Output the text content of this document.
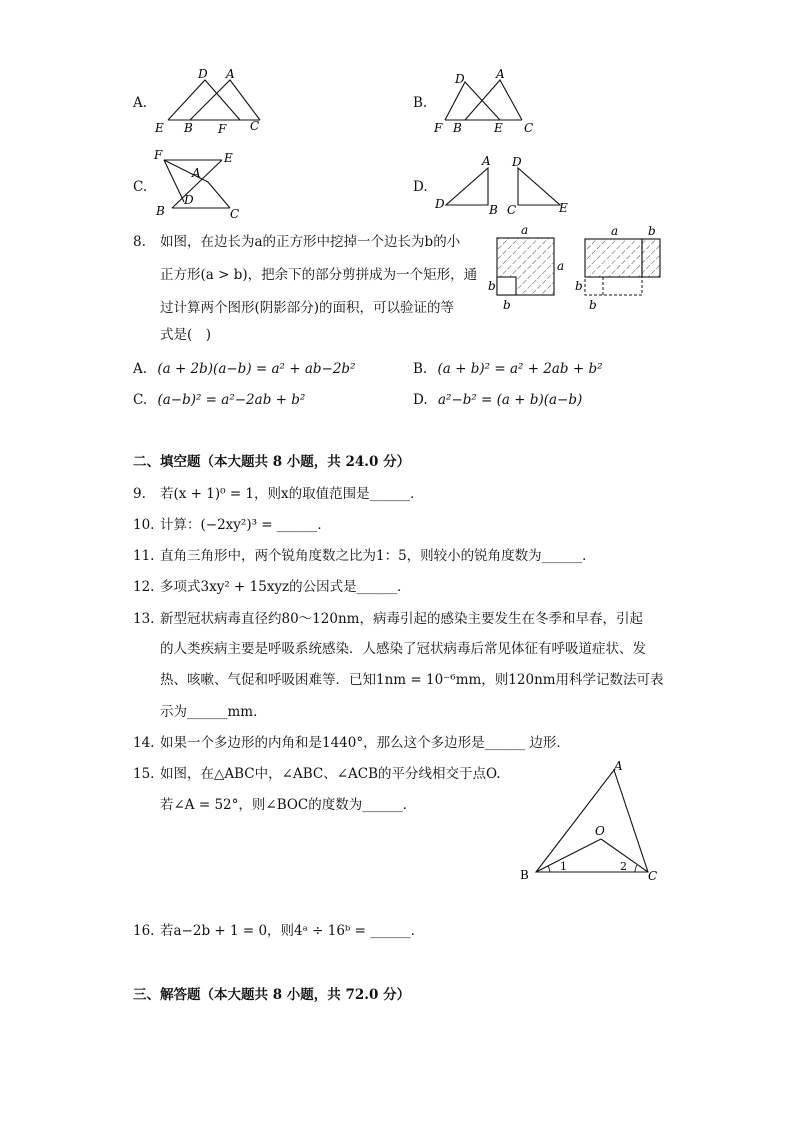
A.
D A
E B F C
B.
D	A
F B	E C
C.
F	E
A
D
B	C
D.
A
D	B C
D
E
8. 如图，在边长为a的正方形中挖掉一个边长为b的小
正方形(a > b)，把余下的部分剪拼成为一个矩形，通
过计算两个图形(阴影部分)的面积，可以验证的等
式是(　)
a
a
b
b
a b
b
b
A. (a + 2b)(a−b) = a² + ab−2b²	B. (a + b)² = a² + 2ab + b²
C. (a−b)² = a²−2ab + b²	D. a²−b² = (a + b)(a−b)
二、填空题（本大题共 8 小题，共 24.0 分）
9. 若(x + 1)⁰ = 1，则x的取值范围是______．
10. 计算：(−2xy²)³ = ______．
11. 直角三角形中，两个锐角度数之比为1：5，则较小的锐角度数为______．
12. 多项式3xy² + 15xyz的公因式是______．
13. 新型冠状病毒直径约80～120nm，病毒引起的感染主要发生在冬季和早春，引起
的人类疾病主要是呼吸系统感染．人感染了冠状病毒后常见体征有呼吸道症状、发
热、咳嗽、气促和呼吸困难等．已知1nm = 10⁻⁶mm，则120nm用科学记数法可表
示为______mm．
14. 如果一个多边形的内角和是1440°，那么这个多边形是______ 边形．
15. 如图，在△ABC中，∠ABC、∠ACB的平分线相交于点O.
若∠A = 52°，则∠BOC的度数为______．
A
B	C
O
1	2
16. 若a−2b + 1 = 0，则4ᵃ ÷ 16ᵇ = ______．
三、解答题（本大题共 8 小题，共 72.0 分）
